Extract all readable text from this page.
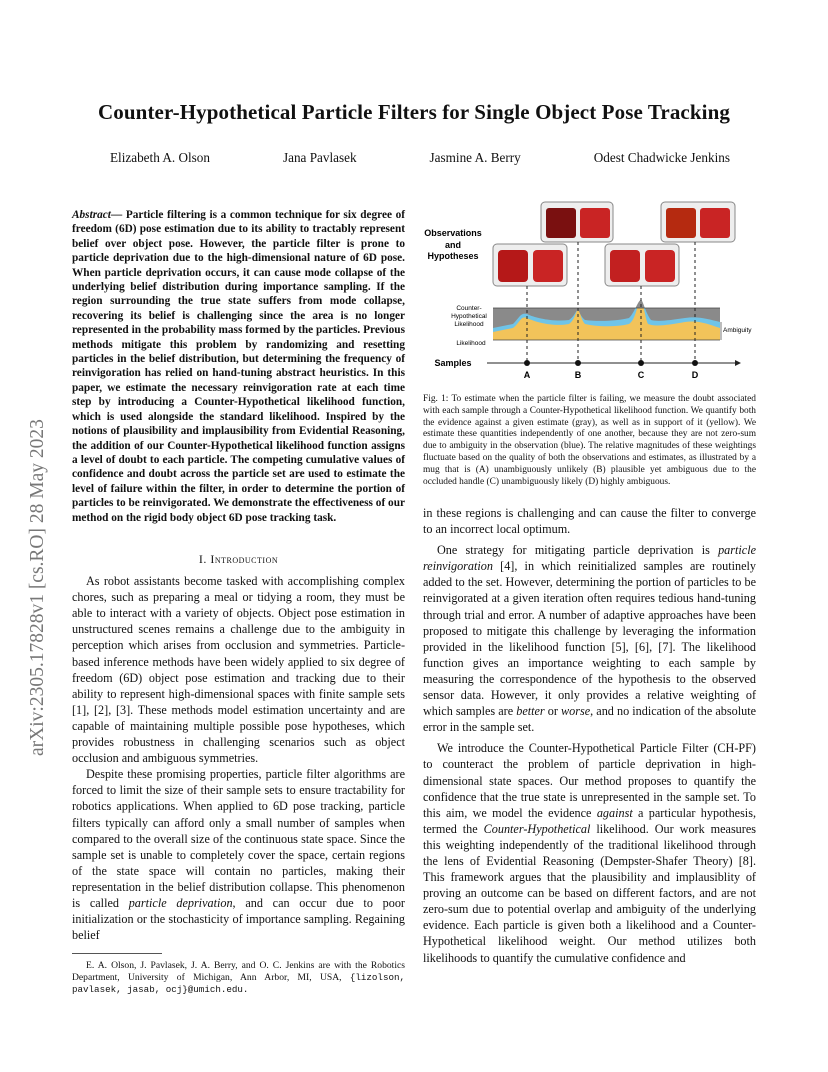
arXiv:2305.17828v1 [cs.RO] 28 May 2023
Counter-Hypothetical Particle Filters for Single Object Pose Tracking
Elizabeth A. Olson	Jana Pavlasek	Jasmine A. Berry	Odest Chadwicke Jenkins
Abstract— Particle filtering is a common technique for six degree of freedom (6D) pose estimation due to its ability to tractably represent belief over object pose. However, the particle filter is prone to particle deprivation due to the high-dimensional nature of 6D pose. When particle deprivation occurs, it can cause mode collapse of the underlying belief distribution during importance sampling. If the region surrounding the true state suffers from mode collapse, recovering its belief is challenging since the area is no longer represented in the probability mass formed by the particles. Previous methods mitigate this problem by randomizing and resetting particles in the belief distribution, but determining the frequency of reinvigoration has relied on hand-tuning abstract heuristics. In this paper, we estimate the necessary reinvigoration rate at each time step by introducing a Counter-Hypothetical likelihood function, which is used alongside the standard likelihood. Inspired by the notions of plausibility and implausibility from Evidential Reasoning, the addition of our Counter-Hypothetical likelihood function assigns a level of doubt to each particle. The competing cumulative values of confidence and doubt across the particle set are used to estimate the level of failure within the filter, in order to determine the portion of particles to be reinvigorated. We demonstrate the effectiveness of our method on the rigid body object 6D pose tracking task.
I. Introduction

As robot assistants become tasked with accomplishing complex chores, such as preparing a meal or tidying a room, they must be able to interact with a variety of objects. Object pose estimation in unstructured scenes remains a challenge due to the ambiguity in perception which arises from occlusion and symmetries. Particle-based inference methods have been widely applied to six degree of freedom (6D) object pose estimation and tracking due to their ability to represent high-dimensional spaces with finite sample sets [1], [2], [3]. These methods model estimation uncertainty and are capable of maintaining multiple possible pose hypotheses, which provides robustness in challenging scenarios such as object occlusion and ambiguous symmetries.

Despite these promising properties, particle filter algorithms are forced to limit the size of their sample sets to ensure tractability for robotics applications. When applied to 6D pose tracking, particle filters typically can afford only a small number of samples when compared to the overall size of the continuous state space. Since the sample set is unable to completely cover the space, certain regions of the state space will contain no particles, making their representation in the belief distribution collapse. This phenomenon is called particle deprivation, and can occur due to poor initialization or the stochasticity of importance sampling. Regaining belief

E. A. Olson, J. Pavlasek, J. A. Berry, and O. C. Jenkins are with the Robotics Department, University of Michigan, Ann Arbor, MI, USA, {lizolson, pavlasek, jasab, ocj}@umich.edu.
Observations
and
Hypotheses
Counter-
Hypothetical
Likelihood
Likelihood
Ambiguity
Samples
A	B	C	D
Fig. 1: To estimate when the particle filter is failing, we measure the doubt associated with each sample through a Counter-Hypothetical likelihood function. We quantify both the evidence against a given estimate (gray), as well as in support of it (yellow). We estimate these quantities independently of one another, because they are not zero-sum due to ambiguity in the observation (blue). The relative magnitudes of these weightings fluctuate based on the quality of both the observations and estimates, as illustrated by a mug that is (A) unambiguously unlikely (B) plausible yet ambiguous due to the occluded handle (C) unambiguously likely (D) highly ambiguous.

in these regions is challenging and can cause the filter to converge to an incorrect local optimum.

One strategy for mitigating particle deprivation is particle reinvigoration [4], in which reinitialized samples are routinely added to the set. However, determining the portion of particles to be reinvigorated at a given iteration often requires tedious hand-tuning through trial and error. A number of adaptive approaches have been proposed to mitigate this challenge by leveraging the information provided in the likelihood function [5], [6], [7]. The likelihood function gives an importance weighting to each sample by measuring the correspondence of the hypothesis to the observed sensor data. However, it only provides a relative weighting of which samples are better or worse, and no indication of the absolute error in the sample set.

We introduce the Counter-Hypothetical Particle Filter (CH-PF) to counteract the problem of particle deprivation in high-dimensional state spaces. Our method proposes to quantify the confidence that the true state is unrepresented in the sample set. To this aim, we model the evidence against a particular hypothesis, termed the Counter-Hypothetical likelihood. Our work measures this weighting independently of the traditional likelihood through the lens of Evidential Reasoning (Dempster-Shafer Theory) [8]. This framework argues that the plausibility and implausiblity of proving an outcome can be based on different factors, and are not zero-sum due to potential overlap and ambiguity of the underlying evidence. Each particle is given both a likelihood and a Counter-Hypothetical likelihood weight. Our method utilizes both likelihoods to quantify the cumulative confidence and
